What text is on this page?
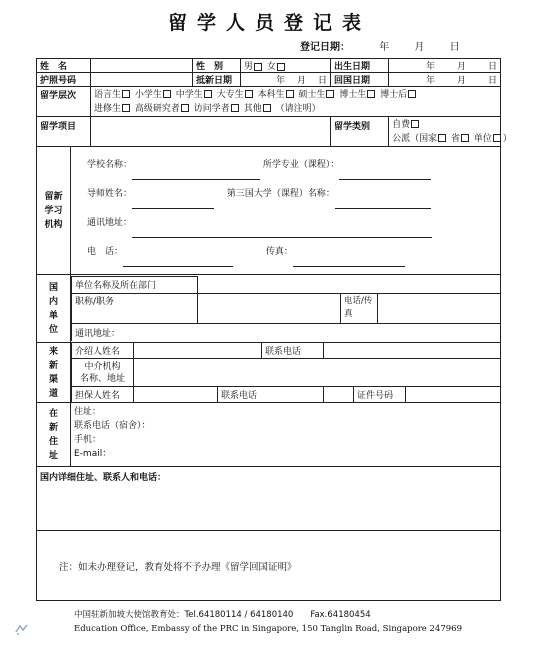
留学人员登记表
登记日期：	年	月	日
姓　名		性　别	男 女	出生日期	年 月 日
护照号码		抵新日期	年 月 日	回国日期	年 月 日
留学层次	语言生 小学生 中学生 大专生 本科生 硕士生 博士生 博士后
进修生 高级研究者 访问学者 其他 （请注明）

留学项目		留学类别	自费
公派（国家 省 单位 ）

留新学习机构

学校名称：	所学专业（课程）：
导师姓名：	第三国大学（课程）名称：
通讯地址：
电　话：	传真：

国内单位

单位名称及所在部门	
职称/职务		电话/传真	
通讯地址：

来新渠道

介绍人姓名		联系电话	

中介机构
名称、地址

担保人姓名		联系电话		证件号码	

在新住址

住址：
联系电话（宿舍）：
手机：
E-mail：

国内详细住址、联系人和电话：
注：如未办理登记，教育处将不予办理《留学回国证明》
中国驻新加坡大使馆教育处：Tel.64180114 / 64180140　　Fax.64180454
Education Office, Embassy of the PRC in Singapore, 150 Tanglin Road, Singapore 247969
